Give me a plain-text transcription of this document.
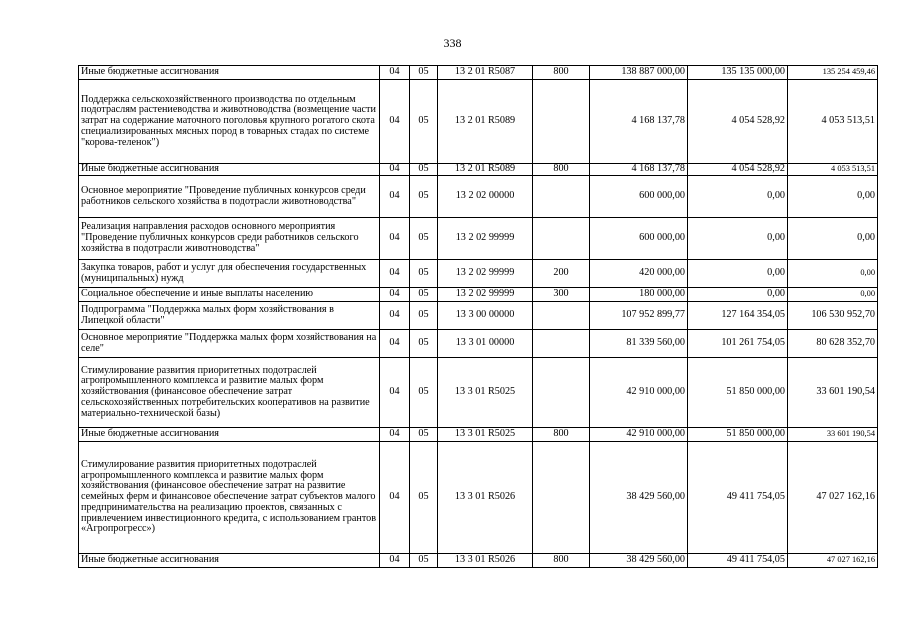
338
Иные бюджетные ассигнования	04	05	13 2 01 R5087	800	138 887 000,00	135 135 000,00	135 254 459,46
Поддержка сельскохозяйственного производства по отдельным подотраслям растениеводства и животноводства (возмещение части затрат на содержание маточного поголовья крупного рогатого скота специализированных мясных пород в товарных стадах по системе "корова-теленок")	04	05	13 2 01 R5089		4 168 137,78	4 054 528,92	4 053 513,51
Иные бюджетные ассигнования	04	05	13 2 01 R5089	800	4 168 137,78	4 054 528,92	4 053 513,51
Основное мероприятие "Проведение публичных конкурсов среди работников сельского хозяйства в подотрасли животноводства"	04	05	13 2 02 00000		600 000,00	0,00	0,00
Реализация направления расходов основного мероприятия "Проведение публичных конкурсов среди работников сельского хозяйства в подотрасли животноводства"	04	05	13 2 02 99999		600 000,00	0,00	0,00
Закупка товаров, работ и услуг для обеспечения государственных (муниципальных) нужд	04	05	13 2 02 99999	200	420 000,00	0,00	0,00
Социальное обеспечение и иные выплаты населению	04	05	13 2 02 99999	300	180 000,00	0,00	0,00
Подпрограмма "Поддержка малых форм хозяйствования в Липецкой области"	04	05	13 3 00 00000		107 952 899,77	127 164 354,05	106 530 952,70
Основное мероприятие "Поддержка малых форм хозяйствования на селе"	04	05	13 3 01 00000		81 339 560,00	101 261 754,05	80 628 352,70
Стимулирование развития приоритетных подотраслей агропромышленного комплекса и развитие малых форм хозяйствования (финансовое обеспечение затрат сельскохозяйственных потребительских кооперативов на развитие материально-технической базы)	04	05	13 3 01 R5025		42 910 000,00	51 850 000,00	33 601 190,54
Иные бюджетные ассигнования	04	05	13 3 01 R5025	800	42 910 000,00	51 850 000,00	33 601 190,54
Стимулирование развития приоритетных подотраслей агропромышленного комплекса и развитие малых форм хозяйствования (финансовое обеспечение затрат на развитие семейных ферм и финансовое обеспечение затрат субъектов малого предпринимательства на реализацию проектов, связанных с привлечением инвестиционного кредита, с использованием грантов «Агропрогресс»)	04	05	13 3 01 R5026		38 429 560,00	49 411 754,05	47 027 162,16
Иные бюджетные ассигнования	04	05	13 3 01 R5026	800	38 429 560,00	49 411 754,05	47 027 162,16
